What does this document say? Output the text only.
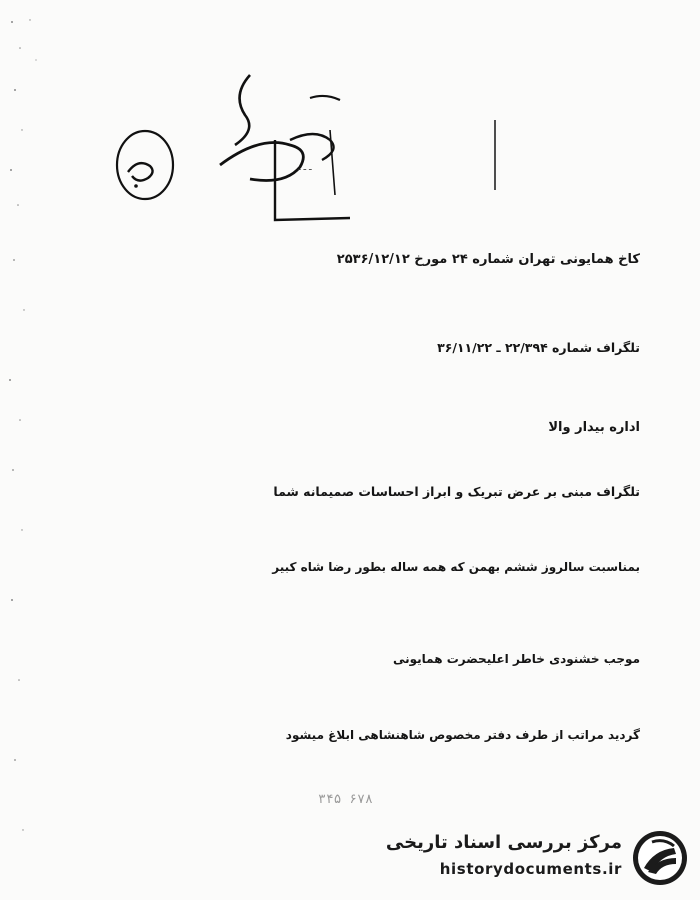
ـ ـ ـ
کاخ همایونی تهران شماره ۲۴ مورخ ۲۵۳۶/۱۲/۱۲
تلگراف شماره ۲۲/۳۹۴ ـ ۳۶/۱۱/۲۲
اداره بیدار والا
تلگراف مبنی بر عرض تبریک و ابراز احساسات صمیمانه شما
بمناسبت سالروز ششم بهمن که همه ساله بطور رضا شاه کبیر
موجب خشنودی خاطر اعلیحضرت همایونی
گردید مراتب از طرف دفتر مخصوص شاهنشاهی ابلاغ میشود
۳۴۵ ۶۷۸
مرکز بررسی اسناد تاریخی
historydocuments.ir
